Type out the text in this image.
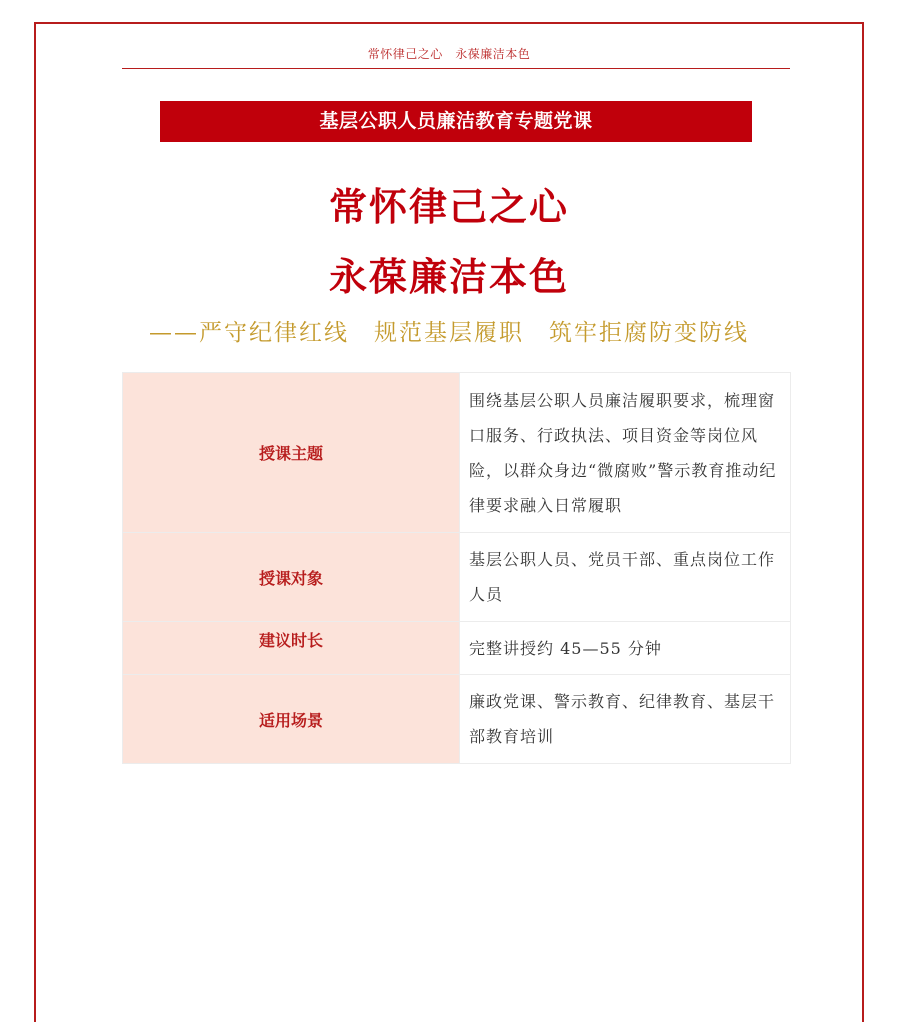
常怀律己之心　永葆廉洁本色
基层公职人员廉洁教育专题党课
常怀律己之心
永葆廉洁本色
——严守纪律红线　规范基层履职　筑牢拒腐防变防线
授课主题	围绕基层公职人员廉洁履职要求，梳理窗口服务、行政执法、项目资金等岗位风险，以群众身边“微腐败”警示教育推动纪律要求融入日常履职
授课对象	基层公职人员、党员干部、重点岗位工作人员
建议时长	完整讲授约 45—55 分钟
适用场景	廉政党课、警示教育、纪律教育、基层干部教育培训
